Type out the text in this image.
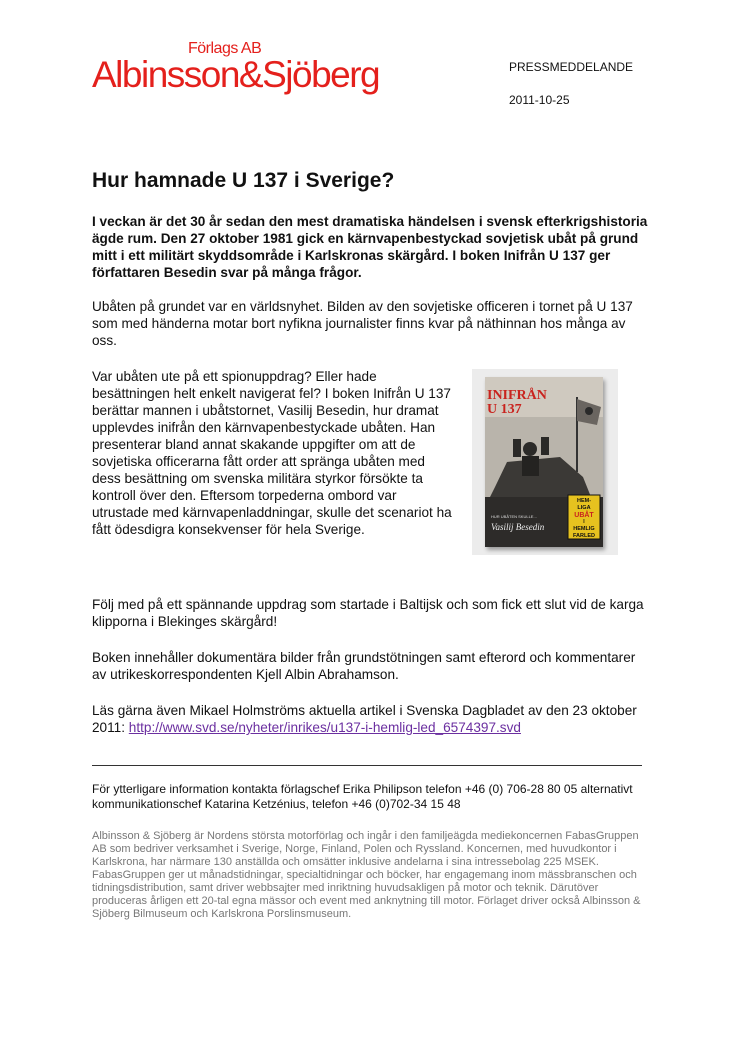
Förlags AB
Albinsson&Sjöberg	PRESSMEDDELANDE
2011-10-25
Hur hamnade U 137 i Sverige?

I veckan är det 30 år sedan den mest dramatiska händelsen i svensk efterkrigshistoria ägde rum. Den 27 oktober 1981 gick en kärnvapenbestyckad sovjetisk ubåt på grund mitt i ett militärt skyddsområde i Karlskronas skärgård. I boken Inifrån U 137 ger författaren Besedin svar på många frågor.

Ubåten på grundet var en världsnyhet. Bilden av den sovjetiske officeren i tornet på U 137 som med händerna motar bort nyfikna journalister finns kvar på näthinnan hos många av oss.

Var ubåten ute på ett spionuppdrag? Eller hade besättningen helt enkelt navigerat fel? I boken Inifrån U 137 berättar mannen i ubåtstornet, Vasilij Besedin, hur dramat upplevdes inifrån den kärnvapenbestyckade ubåten. Han presenterar bland annat skakande uppgifter om att de sovjetiska officerarna fått order att spränga ubåten med dess besättning om svenska militära styrkor försökte ta kontroll över den. Eftersom torpederna ombord var utrustade med kärnvapenladdningar, skulle det scenariot ha fått ödesdigra konsekvenser för hela Sverige.

INIFRÅN
U 137
HUR UBÅTEN SKULLE...
Vasilij Besedin
HEM-
LIGA
UBÅT
I
HEMLIG
FARLED

Följ med på ett spännande uppdrag som startade i Baltijsk och som fick ett slut vid de karga klipporna i Blekinges skärgård!

Boken innehåller dokumentära bilder från grundstötningen samt efterord och kommentarer av utrikeskorrespondenten Kjell Albin Abrahamson.

Läs gärna även Mikael Holmströms aktuella artikel i Svenska Dagbladet av den 23 oktober 2011: http://www.svd.se/nyheter/inrikes/u137-i-hemlig-led_6574397.svd

För ytterligare information kontakta förlagschef Erika Philipson telefon +46 (0) 706-28 80 05 alternativt kommunikationschef Katarina Ketzénius, telefon +46 (0)702-34 15 48

Albinsson & Sjöberg är Nordens största motorförlag och ingår i den familjeägda mediekoncernen FabasGruppen AB som bedriver verksamhet i Sverige, Norge, Finland, Polen och Ryssland. Koncernen, med huvudkontor i Karlskrona, har närmare 130 anställda och omsätter inklusive andelarna i sina intressebolag 225 MSEK. FabasGruppen ger ut månadstidningar, specialtidningar och böcker, har engagemang inom mässbranschen och tidningsdistribution, samt driver webbsajter med inriktning huvudsakligen på motor och teknik. Därutöver produceras årligen ett 20-tal egna mässor och event med anknytning till motor. Förlaget driver också Albinsson & Sjöberg Bilmuseum och Karlskrona Porslinsmuseum.
